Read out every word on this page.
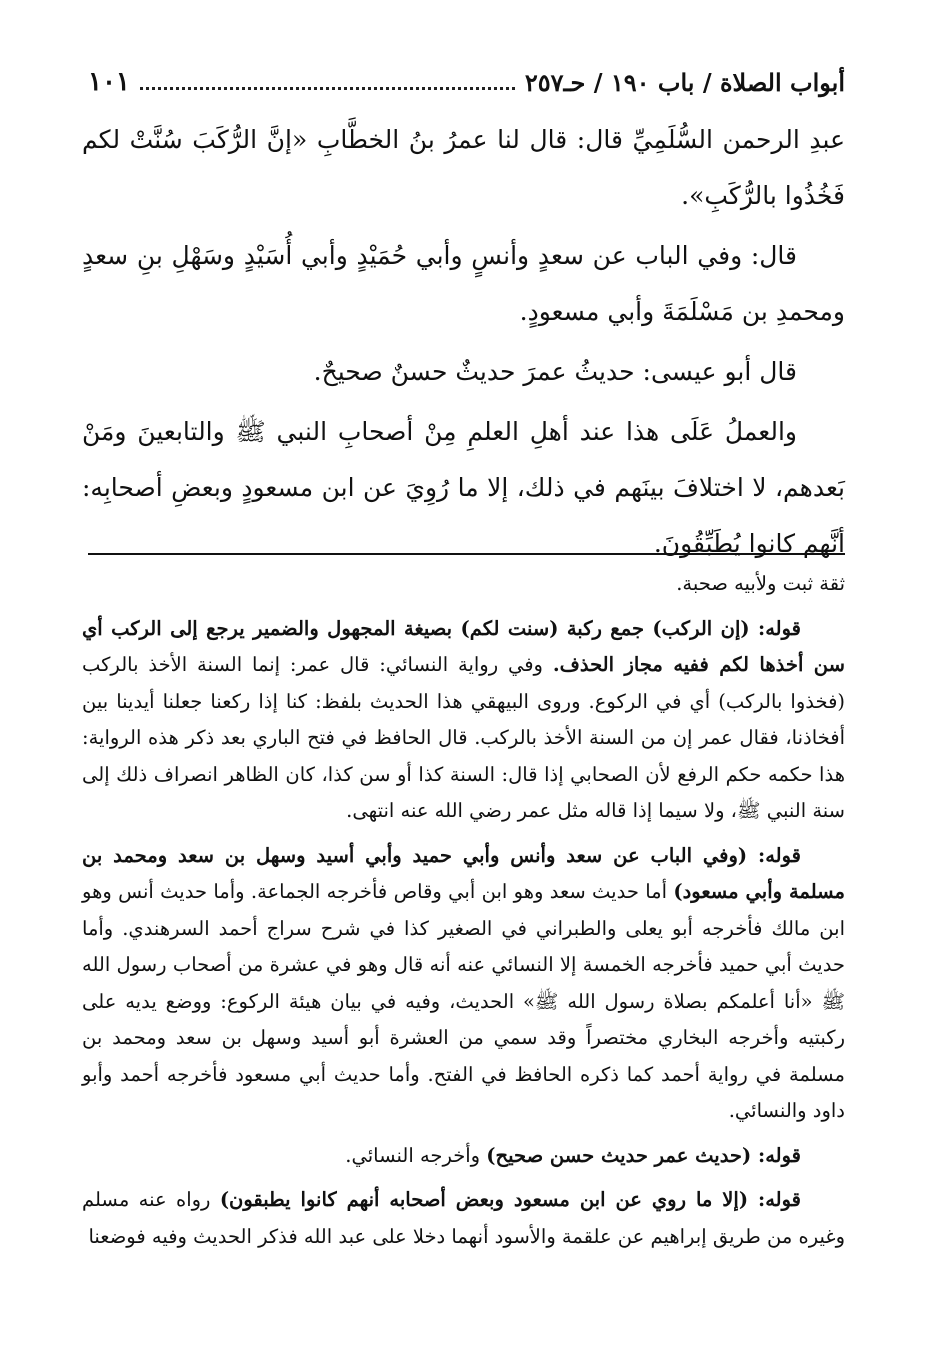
أبواب الصلاة / باب ١٩٠ / حـ٢٥٧
١٠١

عبدِ الرحمن السُّلَمِيِّ قال: قال لنا عمرُ بنُ الخطَّابِ «إنَّ الرُّكَبَ سُنَّتْ لكم فَخُذُوا بالرُّكَبِ».

قال: وفي الباب عن سعدٍ وأنسٍ وأبي حُمَيْدٍ وأبي أُسَيْدٍ وسَهْلِ بنِ سعدٍ ومحمدِ بن مَسْلَمَةَ وأبي مسعودٍ.

قال أبو عيسى: حديثُ عمرَ حديثٌ حسنٌ صحيحٌ.

والعملُ عَلَى هذا عند أهلِ العلمِ مِنْ أصحابِ النبي ﷺ والتابعينَ ومَنْ بَعدهم، لا اختلافَ بينَهم في ذلك، إلا ما رُوِيَ عن ابن مسعودٍ وبعضِ أصحابِه: أنَّهم كانوا يُطَبِّقُونَ.

ثقة ثبت ولأبيه صحبة.

قوله: (إن الركب) جمع ركبة (سنت لكم) بصيغة المجهول والضمير يرجع إلى الركب أي سن أخذها لكم ففيه مجاز الحذف. وفي رواية النسائي: قال عمر: إنما السنة الأخذ بالركب (فخذوا بالركب) أي في الركوع. وروى البيهقي هذا الحديث بلفظ: كنا إذا ركعنا جعلنا أيدينا بين أفخاذنا، فقال عمر إن من السنة الأخذ بالركب. قال الحافظ في فتح الباري بعد ذكر هذه الرواية: هذا حكمه حكم الرفع لأن الصحابي إذا قال: السنة كذا أو سن كذا، كان الظاهر انصراف ذلك إلى سنة النبي ﷺ، ولا سيما إذا قاله مثل عمر رضي الله عنه انتهى.

قوله: (وفي الباب عن سعد وأنس وأبي حميد وأبي أسيد وسهل بن سعد ومحمد بن مسلمة وأبي مسعود) أما حديث سعد وهو ابن أبي وقاص فأخرجه الجماعة. وأما حديث أنس وهو ابن مالك فأخرجه أبو يعلى والطبراني في الصغير كذا في شرح سراج أحمد السرهندي. وأما حديث أبي حميد فأخرجه الخمسة إلا النسائي عنه أنه قال وهو في عشرة من أصحاب رسول الله ﷺ «أنا أعلمكم بصلاة رسول الله ﷺ» الحديث، وفيه في بيان هيئة الركوع: ووضع يديه على ركبتيه وأخرجه البخاري مختصراً وقد سمي من العشرة أبو أسيد وسهل بن سعد ومحمد بن مسلمة في رواية أحمد كما ذكره الحافظ في الفتح. وأما حديث أبي مسعود فأخرجه أحمد وأبو داود والنسائي.

قوله: (حديث عمر حديث حسن صحيح) وأخرجه النسائي.

قوله: (إلا ما روي عن ابن مسعود وبعض أصحابه أنهم كانوا يطبقون) رواه عنه مسلم وغيره من طريق إبراهيم عن علقمة والأسود أنهما دخلا على عبد الله فذكر الحديث وفيه فوضعنا
